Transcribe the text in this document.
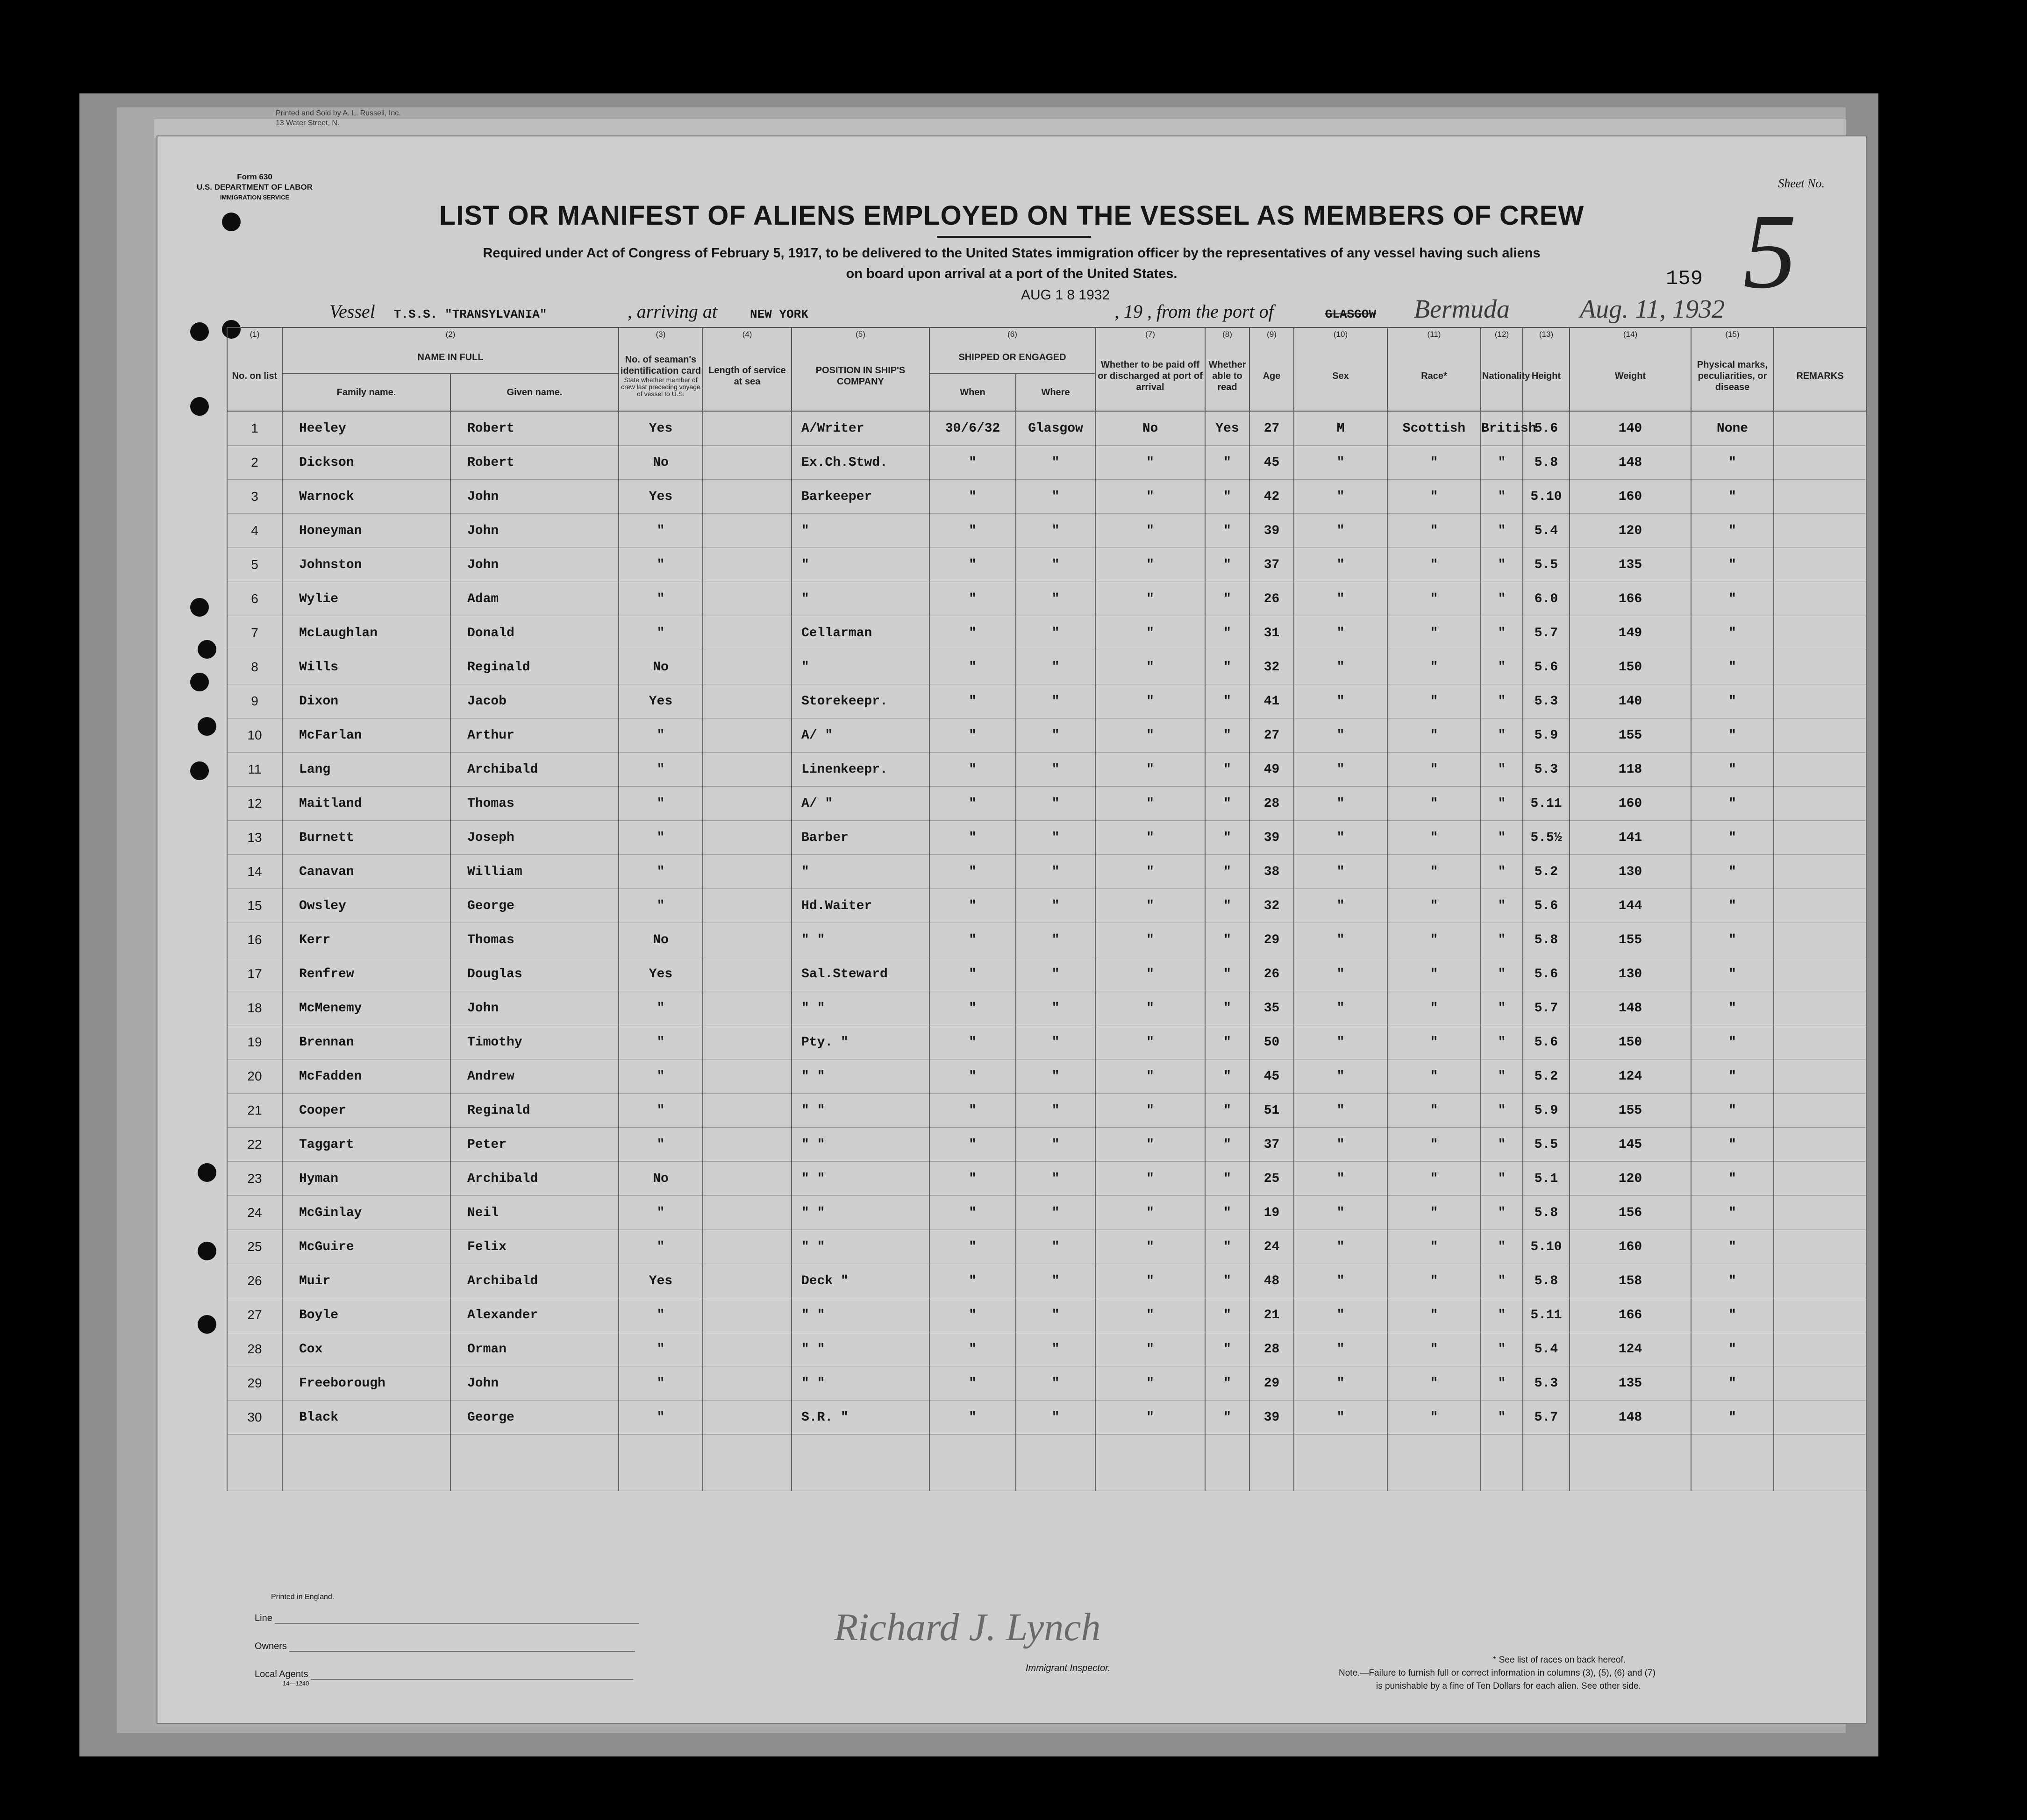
Printed and Sold by A. L. Russell, Inc.
13 Water Street, N.
Form 630
U.S. DEPARTMENT OF LABOR
IMMIGRATION SERVICE
Sheet No.
5
159
LIST OR MANIFEST OF ALIENS EMPLOYED ON THE VESSEL AS MEMBERS OF CREW
Required under Act of Congress of February 5, 1917, to be delivered to the United States immigration officer by the representatives of any vessel having such aliens
on board upon arrival at a port of the United States.
AUG 1 8 1932
Vessel T.S.S. "TRANSYLVANIA"	, arriving at	NEW YORK	, 19 , from the port of	GLASGOW Bermuda	Aug. 11, 1932
(1)	(2)		(3)	(4)	(5)	(6)		(7)	(8)	(9)	(10)	(11)	(12)	(13)	(14)	(15)	
No. on list	NAME IN FULL		No. of seaman's identification card
State whether member of crew last preceding voyage of vessel to U.S.	Length of service at sea	POSITION IN SHIP'S COMPANY	SHIPPED OR ENGAGED		Whether to be paid off or discharged at port of arrival	Whether able to read	Age	Sex	Race*	Nationality	Height	Weight	Physical marks, peculiarities, or disease	REMARKS
	Family name.	Given name.				When	Where										
1	Heeley	Robert	Yes		A/Writer	30/6/32	Glasgow	No	Yes	27	M	Scottish	British	5.6	140	None	
2	Dickson	Robert	No		Ex.Ch.Stwd.	"	"	"	"	45	"	"	"	5.8	148	"	
3	Warnock	John	Yes		Barkeeper	"	"	"	"	42	"	"	"	5.10	160	"	
4	Honeyman	John	"		"	"	"	"	"	39	"	"	"	5.4	120	"	
5	Johnston	John	"		"	"	"	"	"	37	"	"	"	5.5	135	"	
6	Wylie	Adam	"		"	"	"	"	"	26	"	"	"	6.0	166	"	
7	McLaughlan	Donald	"		Cellarman	"	"	"	"	31	"	"	"	5.7	149	"	
8	Wills	Reginald	No		"	"	"	"	"	32	"	"	"	5.6	150	"	
9	Dixon	Jacob	Yes		Storekeepr.	"	"	"	"	41	"	"	"	5.3	140	"	
10	McFarlan	Arthur	"		A/ "	"	"	"	"	27	"	"	"	5.9	155	"	
11	Lang	Archibald	"		Linenkeepr.	"	"	"	"	49	"	"	"	5.3	118	"	
12	Maitland	Thomas	"		A/ "	"	"	"	"	28	"	"	"	5.11	160	"	
13	Burnett	Joseph	"		Barber	"	"	"	"	39	"	"	"	5.5½	141	"	
14	Canavan	William	"		"	"	"	"	"	38	"	"	"	5.2	130	"	
15	Owsley	George	"		Hd.Waiter	"	"	"	"	32	"	"	"	5.6	144	"	
16	Kerr	Thomas	No		" "	"	"	"	"	29	"	"	"	5.8	155	"	
17	Renfrew	Douglas	Yes		Sal.Steward	"	"	"	"	26	"	"	"	5.6	130	"	
18	McMenemy	John	"		" "	"	"	"	"	35	"	"	"	5.7	148	"	
19	Brennan	Timothy	"		Pty. "	"	"	"	"	50	"	"	"	5.6	150	"	
20	McFadden	Andrew	"		" "	"	"	"	"	45	"	"	"	5.2	124	"	
21	Cooper	Reginald	"		" "	"	"	"	"	51	"	"	"	5.9	155	"	
22	Taggart	Peter	"		" "	"	"	"	"	37	"	"	"	5.5	145	"	
23	Hyman	Archibald	No		" "	"	"	"	"	25	"	"	"	5.1	120	"	
24	McGinlay	Neil	"		" "	"	"	"	"	19	"	"	"	5.8	156	"	
25	McGuire	Felix	"		" "	"	"	"	"	24	"	"	"	5.10	160	"	
26	Muir	Archibald	Yes		Deck "	"	"	"	"	48	"	"	"	5.8	158	"	
27	Boyle	Alexander	"		" "	"	"	"	"	21	"	"	"	5.11	166	"	
28	Cox	Orman	"		" "	"	"	"	"	28	"	"	"	5.4	124	"	
29	Freeborough	John	"		" "	"	"	"	"	29	"	"	"	5.3	135	"	
30	Black	George	"		S.R. "	"	"	"	"	39	"	"	"	5.7	148	"	

Printed in England.
Line
Owners
Local Agents
14—1240
Richard J. Lynch
Immigrant Inspector.
* See list of races on back hereof.
Note.—Failure to furnish full or correct information in columns (3), (5), (6) and (7)
is punishable by a fine of Ten Dollars for each alien. See other side.
